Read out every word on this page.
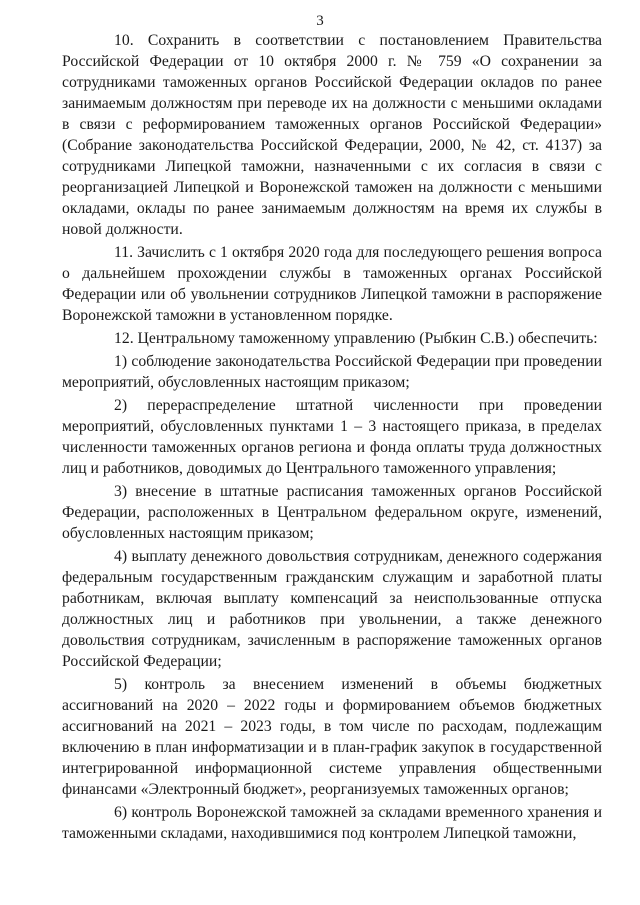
3

10. Сохранить в соответствии с постановлением Правительства Российской Федерации от 10 октября 2000 г. № 759 «О сохранении за сотрудниками таможенных органов Российской Федерации окладов по ранее занимаемым должностям при переводе их на должности с меньшими окладами в связи с реформированием таможенных органов Российской Федерации» (Собрание законодательства Российской Федерации, 2000, № 42, ст. 4137) за сотрудниками Липецкой таможни, назначенными с их согласия в связи с реорганизацией Липецкой и Воронежской таможен на должности с меньшими окладами, оклады по ранее занимаемым должностям на время их службы в новой должности.

11. Зачислить с 1 октября 2020 года для последующего решения вопроса о дальнейшем прохождении службы в таможенных органах Российской Федерации или об увольнении сотрудников Липецкой таможни в распоряжение Воронежской таможни в установленном порядке.

12. Центральному таможенному управлению (Рыбкин С.В.) обеспечить:

1) соблюдение законодательства Российской Федерации при проведении мероприятий, обусловленных настоящим приказом;

2) перераспределение штатной численности при проведении мероприятий, обусловленных пунктами 1 – 3 настоящего приказа, в пределах численности таможенных органов региона и фонда оплаты труда должностных лиц и работников, доводимых до Центрального таможенного управления;

3) внесение в штатные расписания таможенных органов Российской Федерации, расположенных в Центральном федеральном округе, изменений, обусловленных настоящим приказом;

4) выплату денежного довольствия сотрудникам, денежного содержания федеральным государственным гражданским служащим и заработной платы работникам, включая выплату компенсаций за неиспользованные отпуска должностных лиц и работников при увольнении, а также денежного довольствия сотрудникам, зачисленным в распоряжение таможенных органов Российской Федерации;

5) контроль за внесением изменений в объемы бюджетных ассигнований на 2020 – 2022 годы и формированием объемов бюджетных ассигнований на 2021 – 2023 годы, в том числе по расходам, подлежащим включению в план информатизации и в план-график закупок в государственной интегрированной информационной системе управления общественными финансами «Электронный бюджет», реорганизуемых таможенных органов;

6) контроль Воронежской таможней за складами временного хранения и таможенными складами, находившимися под контролем Липецкой таможни,
